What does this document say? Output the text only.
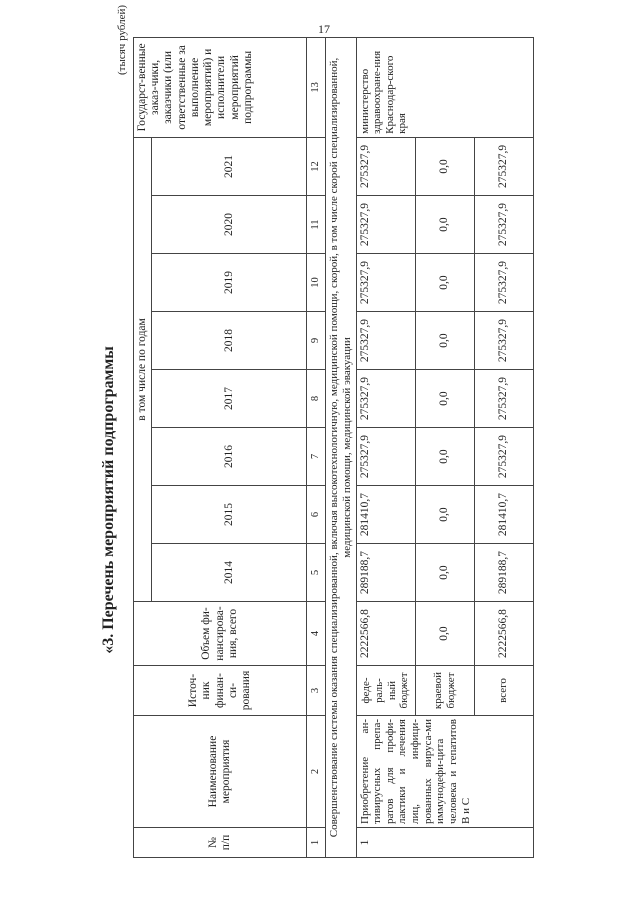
17
«3. Перечень мероприятий подпрограммы
(тысяч рублей)
№ п/п	Наименование мероприятия	Источ-ник финан-си-рования	Объем фи-нансирова-ния, всего	в том числе по годам								Государст-венные заказ-чики, заказчики (или ответственные за выполнение мероприятий) и исполнители мероприятий подпрограммы
				2014	2015	2016	2017	2018	2019	2020	2021	
1	2	3	4	5	6	7	8	9	10	11	12	13
Совершенствование системы оказания специализированной, включая высокотехнологичную, медицинской помощи, скорой, в том числе скорой специализированной, медицинской помощи, медицинской эвакуации												
1	Приобретение ан-тивирусных препа-ратов для профи-лактики и лечения лиц, инфици-рованных вируса-ми иммунодефи-цита человека и гепатитов B и C	феде-раль-ный бюджет	2222566,8	289188,7	281410,7	275327,9	275327,9	275327,9	275327,9	275327,9	275327,9	министерство здравоохране-ния Краснодар-ского края
		краевой бюджет	0,0	0,0	0,0	0,0	0,0	0,0	0,0	0,0	0,0	
		всего	2222566,8	289188,7	281410,7	275327,9	275327,9	275327,9	275327,9	275327,9	275327,9	
